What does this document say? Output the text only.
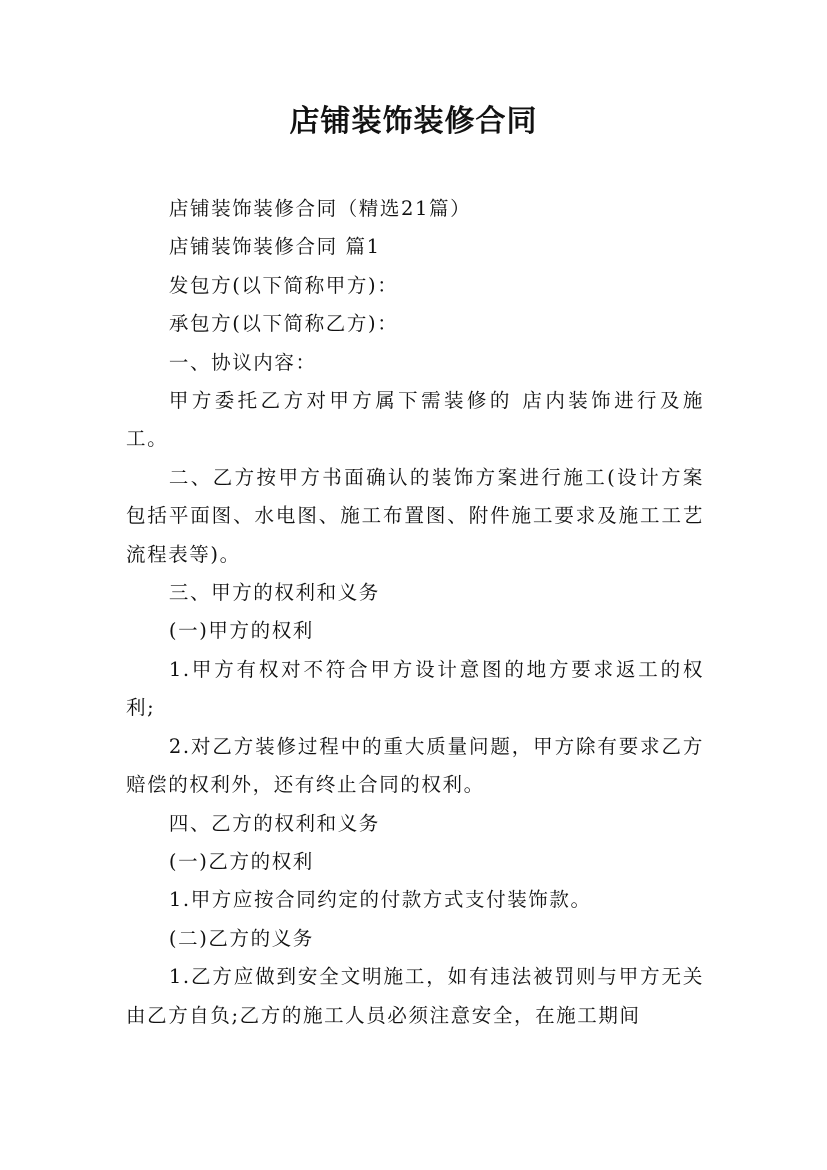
店铺装饰装修合同

店铺装饰装修合同（精选21篇）

店铺装饰装修合同 篇1

发包方(以下简称甲方)：

承包方(以下简称乙方)：

一、协议内容：

甲方委托乙方对甲方属下需装修的 店内装饰进行及施工。

二、乙方按甲方书面确认的装饰方案进行施工(设计方案包括平面图、水电图、施工布置图、附件施工要求及施工工艺流程表等)。

三、甲方的权利和义务

(一)甲方的权利

1.甲方有权对不符合甲方设计意图的地方要求返工的权利;

2.对乙方装修过程中的重大质量问题，甲方除有要求乙方赔偿的权利外，还有终止合同的权利。

四、乙方的权利和义务

(一)乙方的权利

1.甲方应按合同约定的付款方式支付装饰款。

(二)乙方的义务

1.乙方应做到安全文明施工，如有违法被罚则与甲方无关由乙方自负;乙方的施工人员必须注意安全，在施工期间
